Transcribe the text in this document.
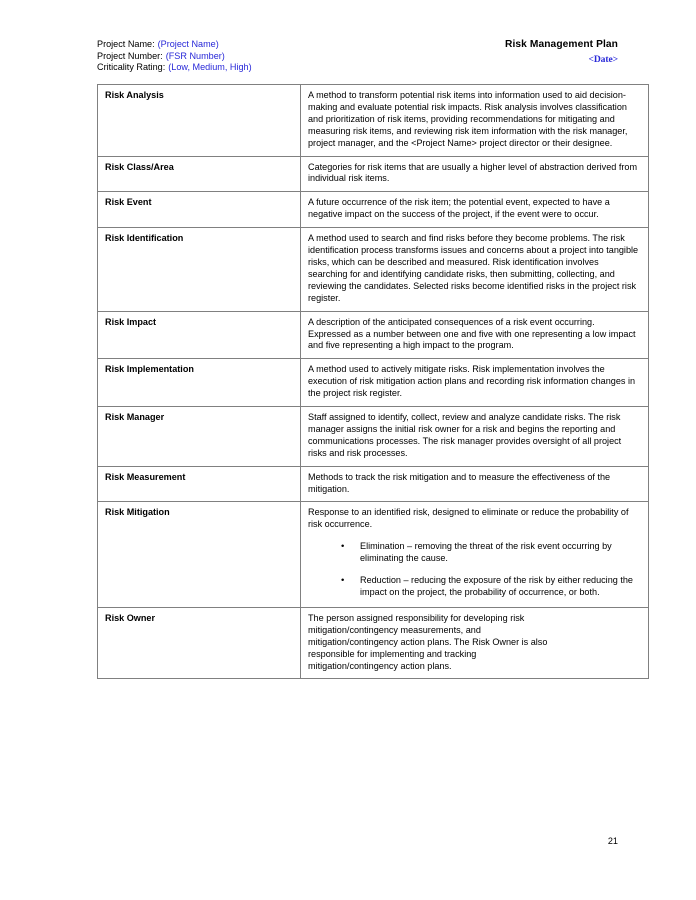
Project Name: (Project Name)
Project Number: (FSR Number)
Criticality Rating: (Low, Medium, High)
Risk Management Plan
<Date>
Risk Analysis	A method to transform potential risk items into information used to aid decision-making and evaluate potential risk impacts. Risk analysis involves classification and prioritization of risk items, providing recommendations for mitigating and measuring risk items, and reviewing risk item information with the risk manager, project manager, and the <Project Name> project director or their designee.

Risk Class/Area	Categories for risk items that are usually a higher level of abstraction derived from individual risk items.

Risk Event	A future occurrence of the risk item; the potential event, expected to have a negative impact on the success of the project, if the event were to occur.

Risk Identification	A method used to search and find risks before they become problems. The risk identification process transforms issues and concerns about a project into tangible risks, which can be described and measured. Risk identification involves searching for and identifying candidate risks, then submitting, collecting, and reviewing the candidates. Selected risks become identified risks in the project risk register.

Risk Impact	A description of the anticipated consequences of a risk event occurring. Expressed as a number between one and five with one representing a low impact and five representing a high impact to the program.

Risk Implementation	A method used to actively mitigate risks. Risk implementation involves the execution of risk mitigation action plans and recording risk information changes in the project risk register.

Risk Manager	Staff assigned to identify, collect, review and analyze candidate risks. The risk manager assigns the initial risk owner for a risk and begins the reporting and communications processes. The risk manager provides oversight of all project risks and risk processes.

Risk Measurement	Methods to track the risk mitigation and to measure the effectiveness of the mitigation.

Risk Mitigation	Response to an identified risk, designed to eliminate or reduce the probability of risk occurrence.

• Elimination – removing the threat of the risk event occurring by eliminating the cause.
• Reduction – reducing the exposure of the risk by either reducing the impact on the project, the probability of occurrence, or both.

Risk Owner	The person assigned responsibility for developing risk
mitigation/contingency measurements, and
mitigation/contingency action plans. The Risk Owner is also
responsible for implementing and tracking
mitigation/contingency action plans.
21
